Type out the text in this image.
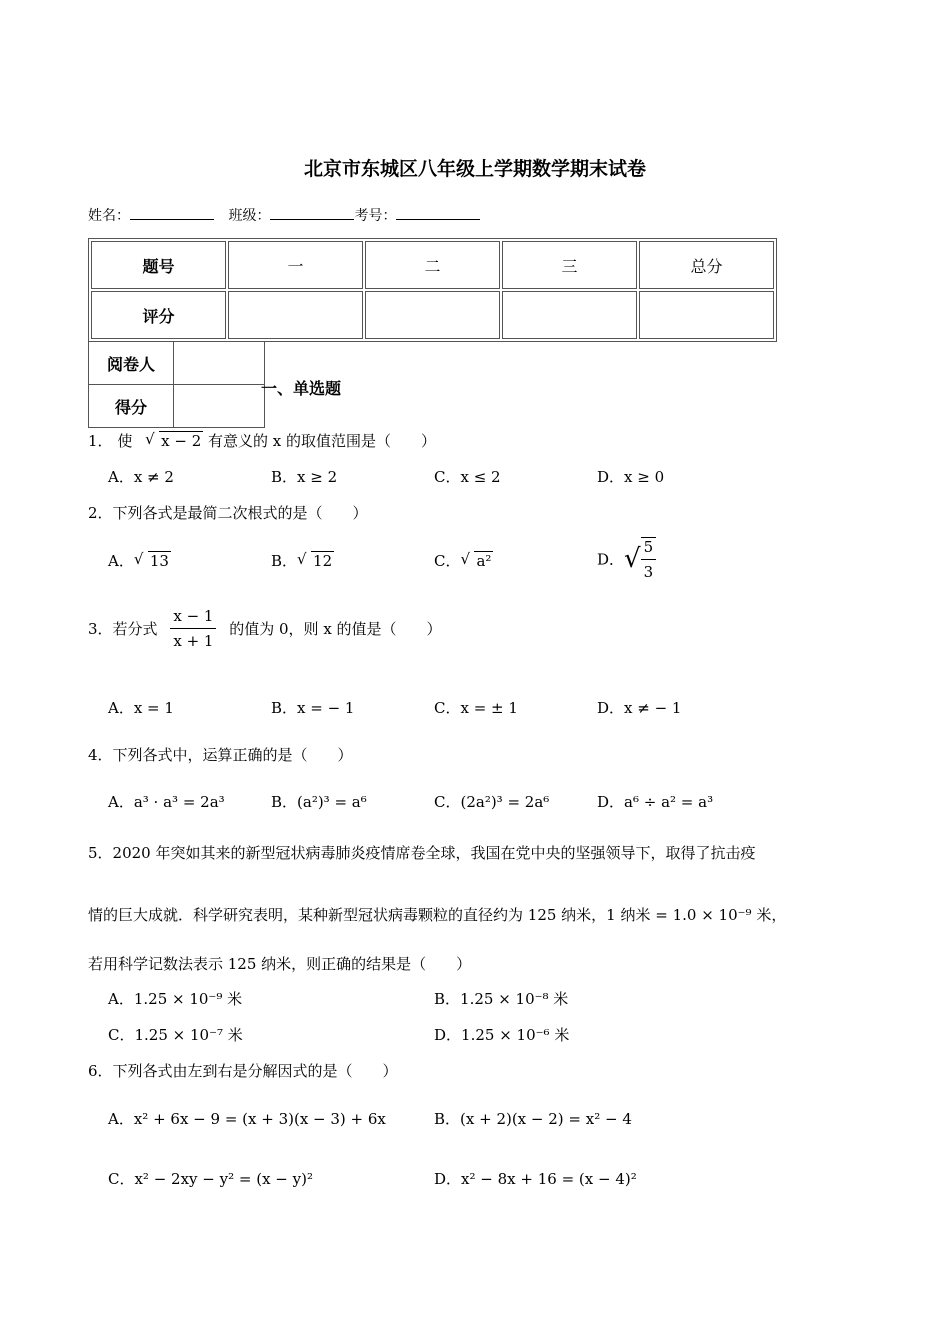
北京市东城区八年级上学期数学期末试卷
姓名：	班级：	考号：
题号	一	二	三	总分
评分				
阅卷人	
得分	
一、单选题
1． 使 √ x − 2 有意义的 x 的取值范围是（　　）
A．x ≠ 2	B．x ≥ 2	C．x ≤ 2	D．x ≥ 0
2．下列各式是最简二次根式的是（　　）
A． √ 13	B． √ 12	C． √ a²	D．√ $\frac{5}{3}$
3．若分式 $\frac{x - 1}{x + 1}$ 的值为 0，则 x 的值是（　　）
A．x = 1	B．x = − 1	C．x = ± 1	D．x ≠ − 1
4．下列各式中，运算正确的是（　　）
A．a³ · a³ = 2a³	B．(a²)³ = a⁶	C．(2a²)³ = 2a⁶	D．a⁶ ÷ a² = a³
5．2020 年突如其来的新型冠状病毒肺炎疫情席卷全球，我国在党中央的坚强领导下，取得了抗击疫
情的巨大成就．科学研究表明，某种新型冠状病毒颗粒的直径约为 125 纳米，1 纳米 = 1.0 × 10⁻⁹ 米，
若用科学记数法表示 125 纳米，则正确的结果是（　　）
A．1.25 × 10⁻⁹ 米	B．1.25 × 10⁻⁸ 米
C．1.25 × 10⁻⁷ 米	D．1.25 × 10⁻⁶ 米
6．下列各式由左到右是分解因式的是（　　）
A．x² + 6x − 9 = (x + 3)(x − 3) + 6x	B．(x + 2)(x − 2) = x² − 4
C．x² − 2xy − y² = (x − y)²	D．x² − 8x + 16 = (x − 4)²
